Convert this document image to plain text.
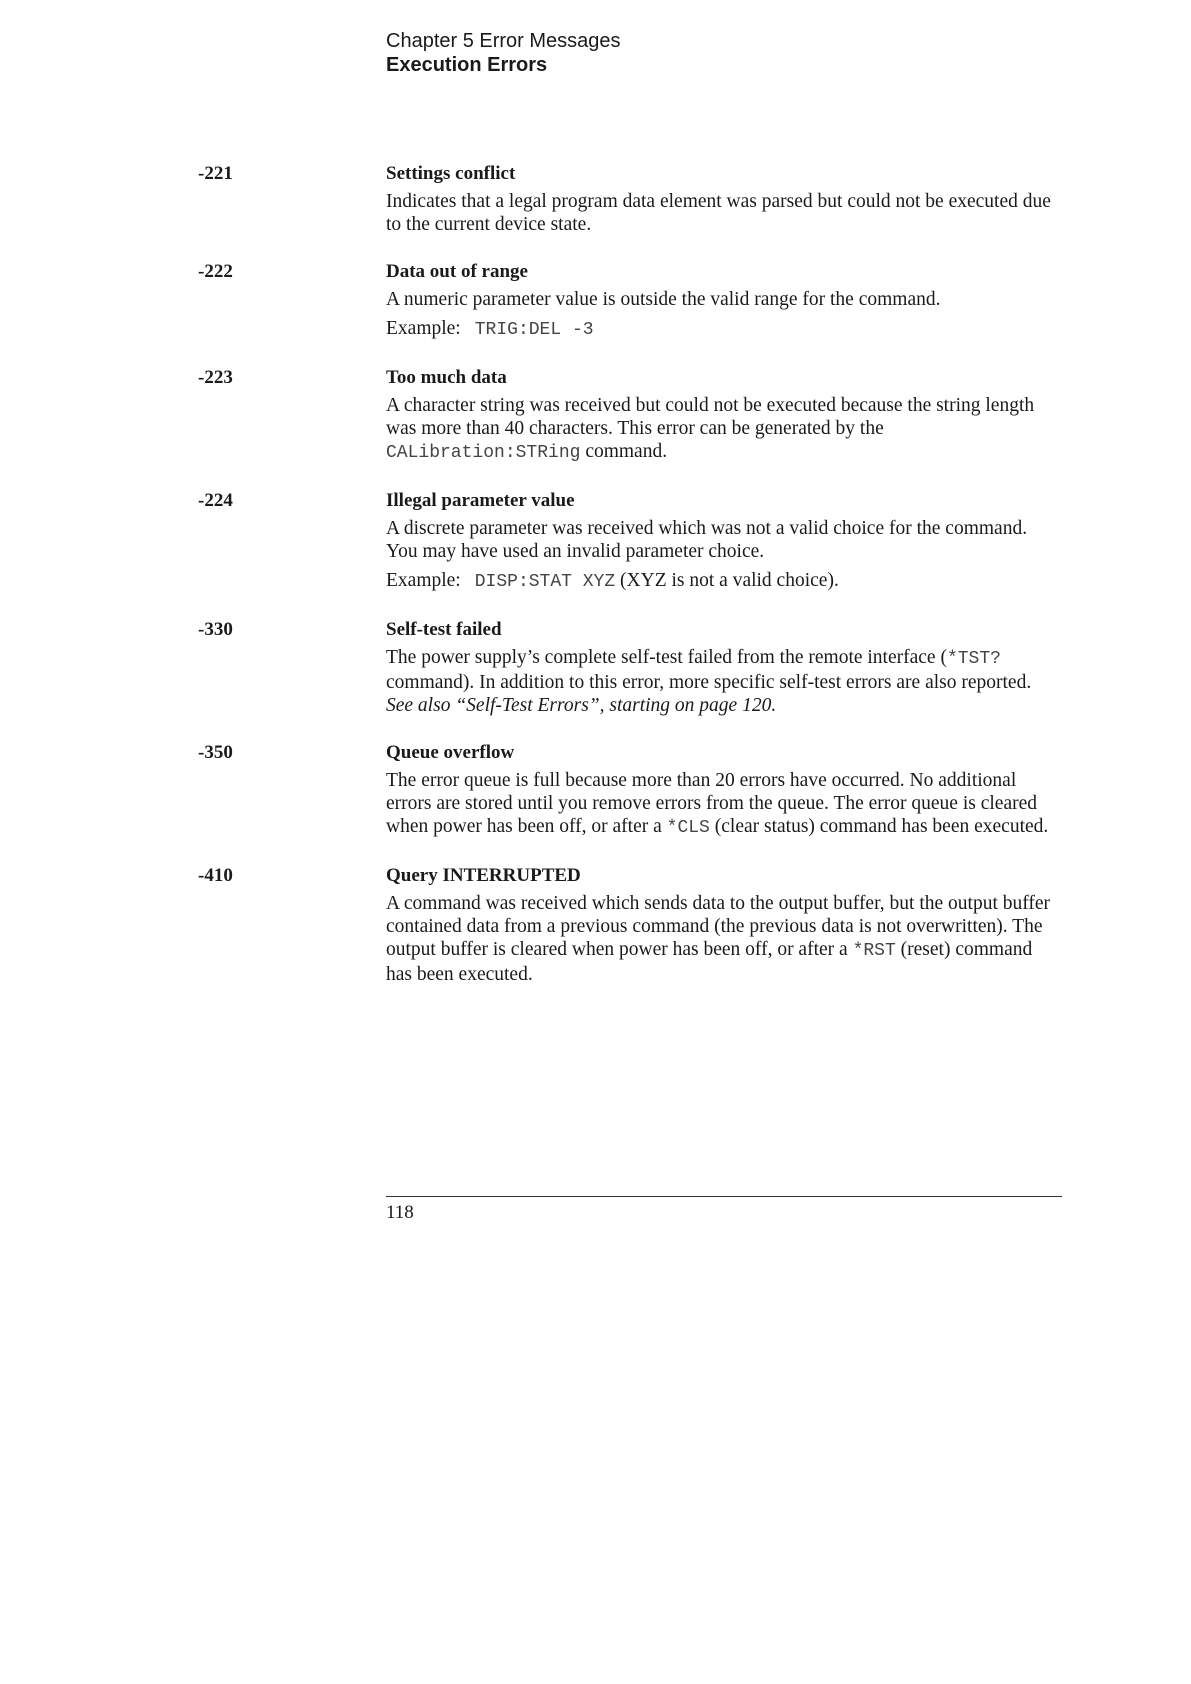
Chapter 5 Error Messages
Execution Errors
-221	Settings conflict

Indicates that a legal program data element was parsed but could not be executed due to the current device state.

-222	Data out of range

A numeric parameter value is outside the valid range for the command.

Example: TRIG:DEL -3

-223	Too much data

A character string was received but could not be executed because the string length was more than 40 characters. This error can be generated by the CALibration:STRing command.

-224	Illegal parameter value

A discrete parameter was received which was not a valid choice for the command. You may have used an invalid parameter choice.

Example: DISP:STAT XYZ (XYZ is not a valid choice).

-330	Self-test failed

The power supply’s complete self-test failed from the remote interface (*TST? command). In addition to this error, more specific self-test errors are also reported. See also “Self-Test Errors”, starting on page 120.

-350	Queue overflow

The error queue is full because more than 20 errors have occurred. No additional errors are stored until you remove errors from the queue. The error queue is cleared when power has been off, or after a *CLS (clear status) command has been executed.

-410	Query INTERRUPTED

A command was received which sends data to the output buffer, but the output buffer contained data from a previous command (the previous data is not overwritten). The output buffer is cleared when power has been off, or after a *RST (reset) command has been executed.

118
